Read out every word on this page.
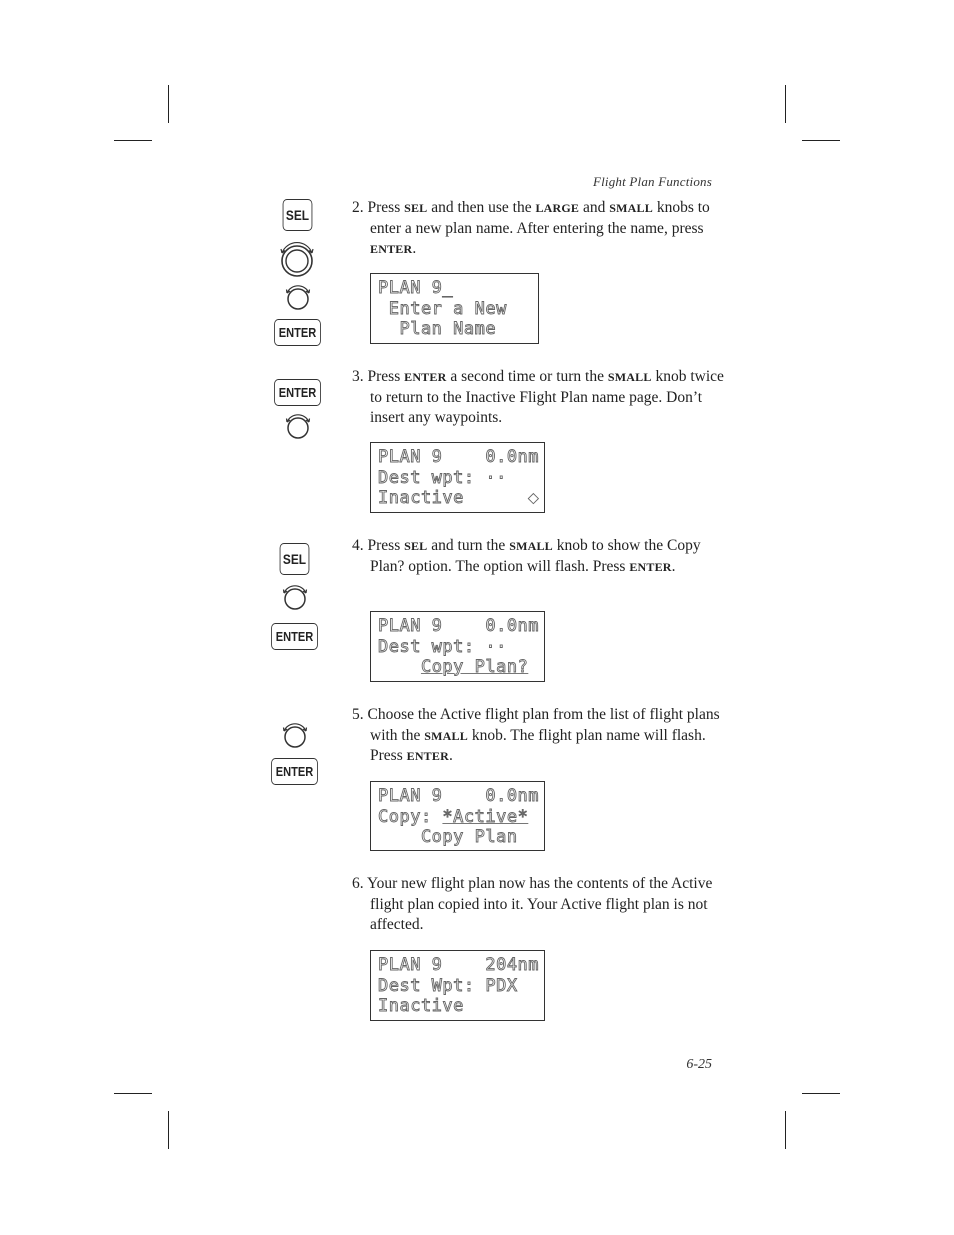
Flight Plan Functions
SEL
ENTER
2. Press SEL and then use the LARGE and SMALL knobs to enter a new plan name. After entering the name, press ENTER.
PLAN 9_
Enter a New
Plan Name
ENTER
3. Press ENTER a second time or turn the SMALL knob twice to return to the Inactive Flight Plan name page. Don’t insert any waypoints.
PLAN 9    0.0nm
Dest wpt: ··
Inactive      ◆
SEL
ENTER
4. Press SEL and turn the SMALL knob to show the Copy Plan? option. The option will flash. Press ENTER.
PLAN 9    0.0nm
Dest wpt: ··
Copy Plan?
ENTER
5. Choose the Active flight plan from the list of flight plans with the SMALL knob. The flight plan name will flash. Press ENTER.
PLAN 9    0.0nm
Copy: *Active*
Copy Plan
6. Your new flight plan now has the contents of the Active flight plan copied into it. Your Active flight plan is not affected.
PLAN 9    204nm
Dest Wpt: PDX
Inactive
6-25
